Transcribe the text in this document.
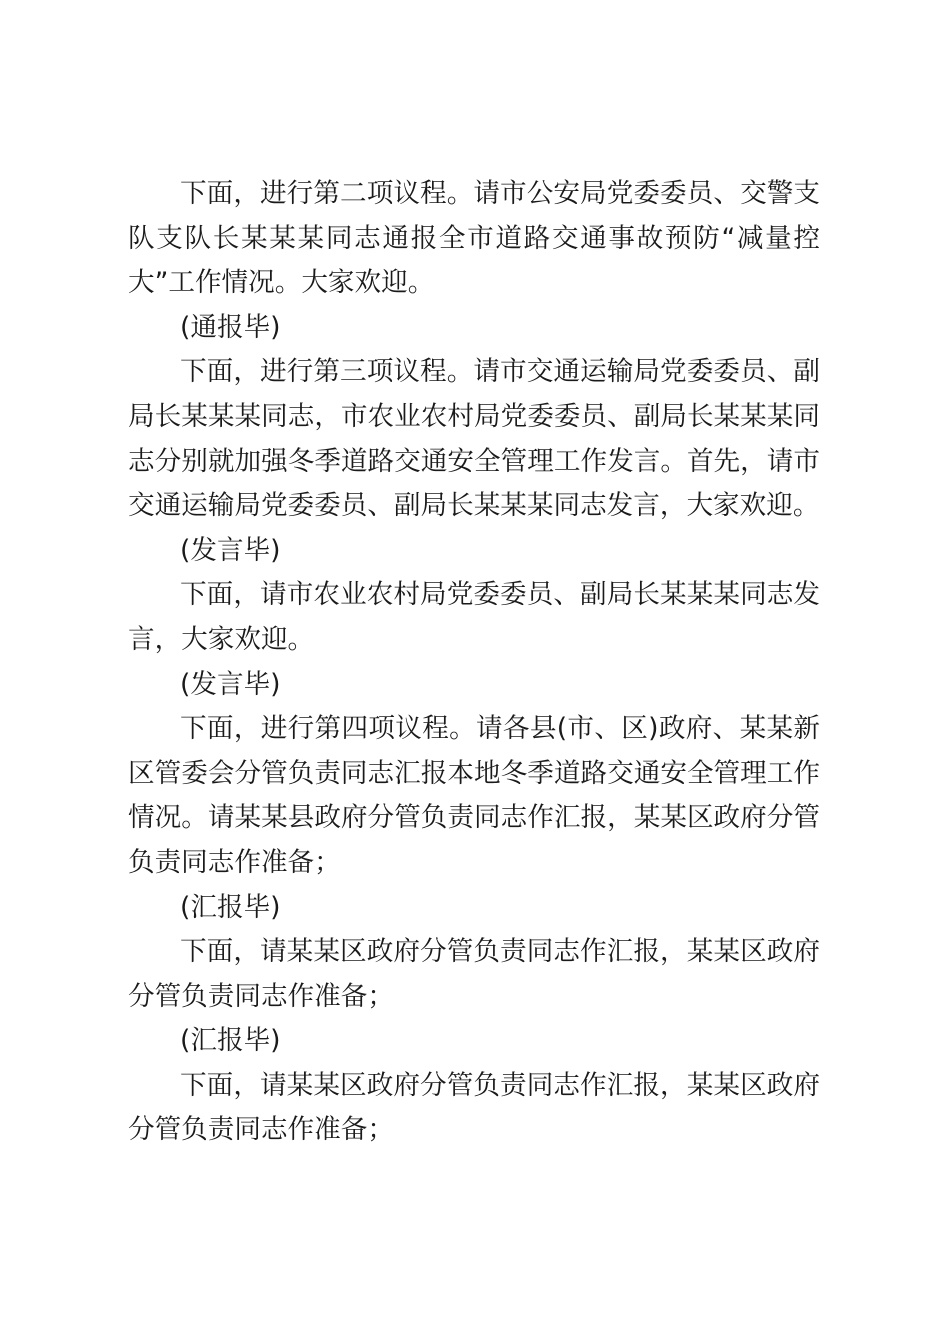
下面，进行第二项议程。请市公安局党委委员、交警支队支队长某某某同志通报全市道路交通事故预防“减量控大”工作情况。大家欢迎。

(通报毕)

下面，进行第三项议程。请市交通运输局党委委员、副局长某某某同志，市农业农村局党委委员、副局长某某某同志分别就加强冬季道路交通安全管理工作发言。首先，请市交通运输局党委委员、副局长某某某同志发言，大家欢迎。

(发言毕)

下面，请市农业农村局党委委员、副局长某某某同志发言，大家欢迎。

(发言毕)

下面，进行第四项议程。请各县(市、区)政府、某某新区管委会分管负责同志汇报本地冬季道路交通安全管理工作情况。请某某县政府分管负责同志作汇报，某某区政府分管负责同志作准备；

(汇报毕)

下面，请某某区政府分管负责同志作汇报，某某区政府分管负责同志作准备；

(汇报毕)

下面，请某某区政府分管负责同志作汇报，某某区政府分管负责同志作准备；
